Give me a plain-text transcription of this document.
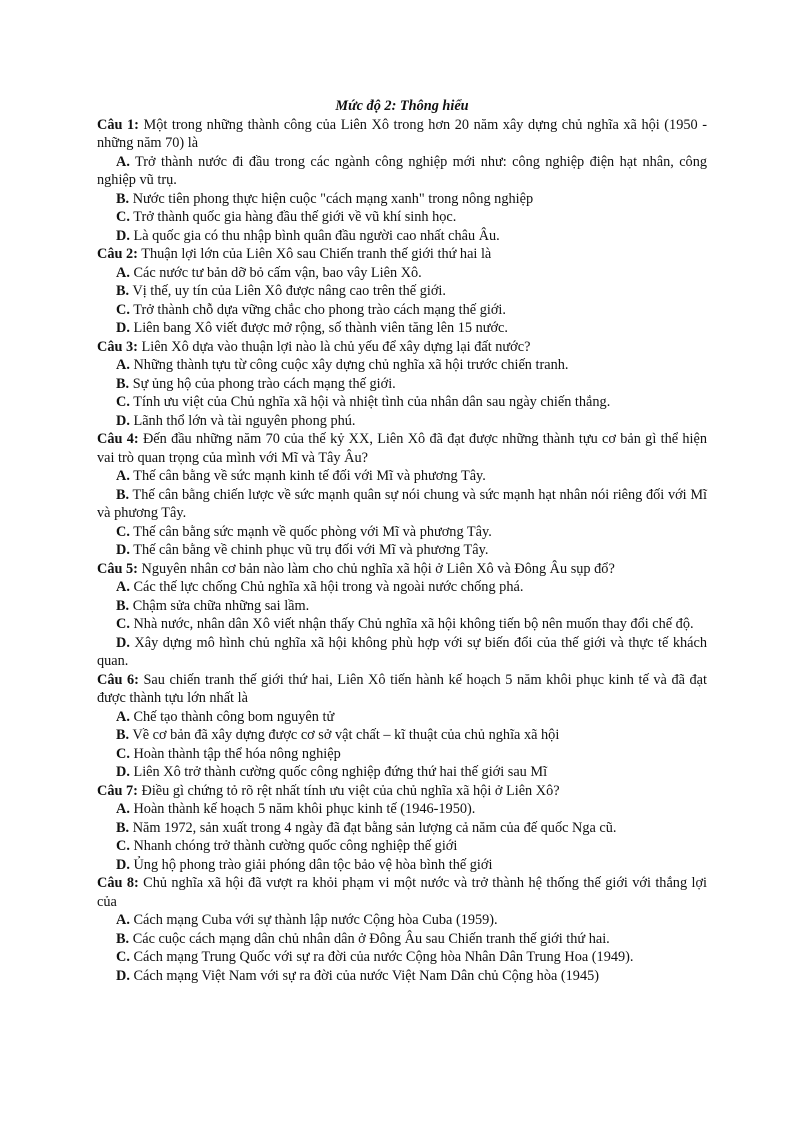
Mức độ 2: Thông hiểu

Câu 1: Một trong những thành công của Liên Xô trong hơn 20 năm xây dựng chủ nghĩa xã hội (1950 - những năm 70) là

A. Trở thành nước đi đầu trong các ngành công nghiệp mới như: công nghiệp điện hạt nhân, công nghiệp vũ trụ.

B. Nước tiên phong thực hiện cuộc "cách mạng xanh" trong nông nghiệp

C. Trở thành quốc gia hàng đầu thế giới về vũ khí sinh học.

D. Là quốc gia có thu nhập bình quân đầu người cao nhất châu Âu.

Câu 2: Thuận lợi lớn của Liên Xô sau Chiến tranh thế giới thứ hai là

A. Các nước tư bản dỡ bỏ cấm vận, bao vây Liên Xô.

B. Vị thế, uy tín của Liên Xô được nâng cao trên thế giới.

C. Trở thành chỗ dựa vững chắc cho phong trào cách mạng thế giới.

D. Liên bang Xô viết được mở rộng, số thành viên tăng lên 15 nước.

Câu 3: Liên Xô dựa vào thuận lợi nào là chủ yếu để xây dựng lại đất nước?

A. Những thành tựu từ công cuộc xây dựng chủ nghĩa xã hội trước chiến tranh.

B. Sự ủng hộ của phong trào cách mạng thế giới.

C. Tính ưu việt của Chủ nghĩa xã hội và nhiệt tình của nhân dân sau ngày chiến thắng.

D. Lãnh thổ lớn và tài nguyên phong phú.

Câu 4: Đến đầu những năm 70 của thế kỷ XX, Liên Xô đã đạt được những thành tựu cơ bản gì thể hiện vai trò quan trọng của mình với Mĩ và Tây Âu?

A. Thế cân bằng về sức mạnh kinh tế đối với Mĩ và phương Tây.

B. Thế cân bằng chiến lược về sức mạnh quân sự nói chung và sức mạnh hạt nhân nói riêng đối với Mĩ và phương Tây.

C. Thế cân bằng sức mạnh về quốc phòng với Mĩ và phương Tây.

D. Thế cân bằng về chinh phục vũ trụ đối với Mĩ và phương Tây.

Câu 5: Nguyên nhân cơ bản nào làm cho chủ nghĩa xã hội ở Liên Xô và Đông Âu sụp đổ?

A. Các thế lực chống Chủ nghĩa xã hội trong và ngoài nước chống phá.

B. Chậm sửa chữa những sai lầm.

C. Nhà nước, nhân dân Xô viết nhận thấy Chủ nghĩa xã hội không tiến bộ nên muốn thay đổi chế độ.

D. Xây dựng mô hình chủ nghĩa xã hội không phù hợp với sự biến đổi của thế giới và thực tế khách quan.

Câu 6: Sau chiến tranh thế giới thứ hai, Liên Xô tiến hành kế hoạch 5 năm khôi phục kinh tế và đã đạt được thành tựu lớn nhất là

A. Chế tạo thành công bom nguyên tử

B. Về cơ bản đã xây dựng được cơ sở vật chất – kĩ thuật của chủ nghĩa xã hội

C. Hoàn thành tập thể hóa nông nghiệp

D. Liên Xô trở thành cường quốc công nghiệp đứng thứ hai thế giới sau Mĩ

Câu 7: Điều gì chứng tỏ rõ rệt nhất tính ưu việt của chủ nghĩa xã hội ở Liên Xô?

A. Hoàn thành kế hoạch 5 năm khôi phục kinh tế (1946-1950).

B. Năm 1972, sản xuất trong 4 ngày đã đạt bằng sản lượng cả năm của đế quốc Nga cũ.

C. Nhanh chóng trở thành cường quốc công nghiệp thế giới

D. Ủng hộ phong trào giải phóng dân tộc bảo vệ hòa bình thế giới

Câu 8: Chủ nghĩa xã hội đã vượt ra khỏi phạm vi một nước và trở thành hệ thống thế giới với thắng lợi của

A. Cách mạng Cuba với sự thành lập nước Cộng hòa Cuba (1959).

B. Các cuộc cách mạng dân chủ nhân dân ở Đông Âu sau Chiến tranh thế giới thứ hai.

C. Cách mạng Trung Quốc với sự ra đời của nước Cộng hòa Nhân Dân Trung Hoa (1949).

D. Cách mạng Việt Nam với sự ra đời của nước Việt Nam Dân chủ Cộng hòa (1945)
